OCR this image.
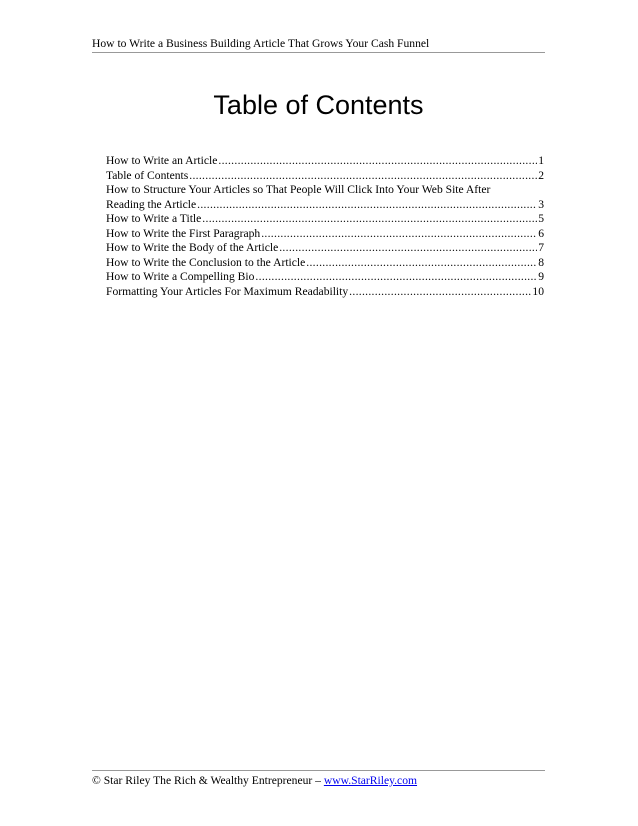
How to Write a Business Building Article That Grows Your Cash Funnel
Table of Contents
How to Write an Article .....	1
Table of Contents .....	2
How to Structure Your Articles so That People Will Click Into Your Web Site After
Reading the Article .....	3
How to Write a Title .....	5
How to Write the First Paragraph .....	6
How to Write the Body of the Article .....	7
How to Write the Conclusion to the Article .....	8
How to Write a Compelling Bio .....	9
Formatting Your Articles For Maximum Readability .....	10
© Star Riley The Rich & Wealthy Entrepreneur – www.StarRiley.com
